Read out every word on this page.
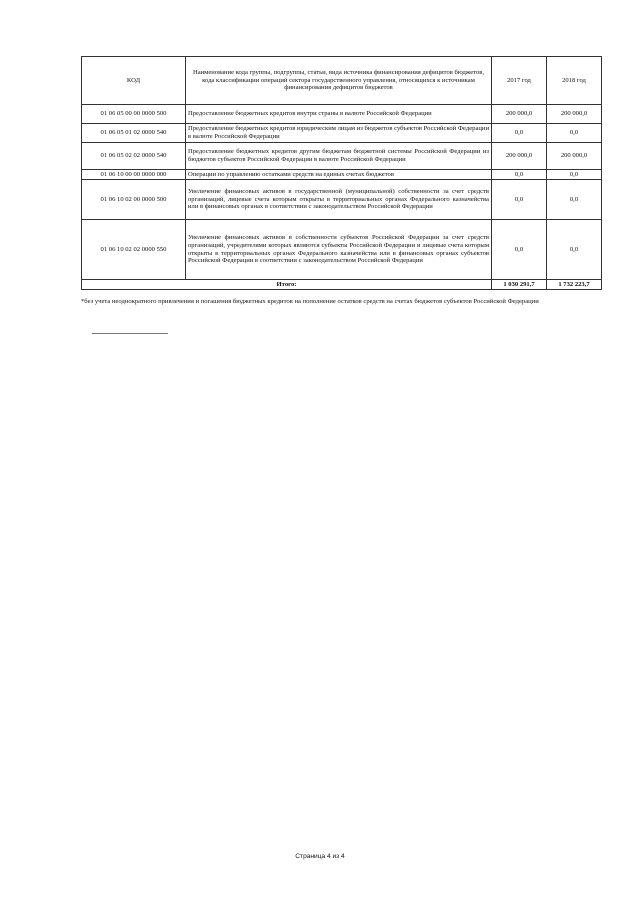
КОД	Наименование кода группы, подгруппы, статьи, вида источника финансирования дефицитов бюджетов, кода классификации операций сектора государственного управления, относящихся к источникам финансирования дефицитов бюджетов	2017 год	2018 год
01 06 05 00 00 0000 500	Предоставление бюджетных кредитов внутри страны в валюте Российской Федерации	200 000,0	200 000,0
01 06 05 01 02 0000 540	Предоставление бюджетных кредитов юридическим лицам из бюджетов субъектов Российской Федерации в валюте Российской Федерации	0,0	0,0
01 06 05 02 02 0000 540	Предоставление бюджетных кредитов другим бюджетам бюджетной системы Российской Федерации из бюджетов субъектов Российской Федерации в валюте Российской Федерации	200 000,0	200 000,0
01 06 10 00 00 0000 000	Операции по управлению остатками средств на единых счетах бюджетов	0,0	0,0
01 06 10 02 00 0000 500	Увеличение финансовых активов в государственной (муниципальной) собственности за счет средств организаций, лицевые счета которым открыты в территориальных органах Федерального казначейства или в финансовых органах в соответствии с законодательством Российской Федерации	0,0	0,0
01 06 10 02 02 0000 550	Увеличение финансовых активов в собственности субъектов Российской Федерации за счет средств организаций, учредителями которых являются субъекты Российской Федерации и лицевые счета которым открыты в территориальных органах Федерального казначейства или в финансовых органах субъектов Российской Федерации в соответствии с законодательством Российской Федерации	0,0	0,0
Итого:		1 030 291,7	1 732 223,7

*без учета неоднократного привлечения и погашения бюджетных кредитов на пополнение остатков средств на счетах бюджетов субъектов Российской Федерации

Страница 4 из 4
